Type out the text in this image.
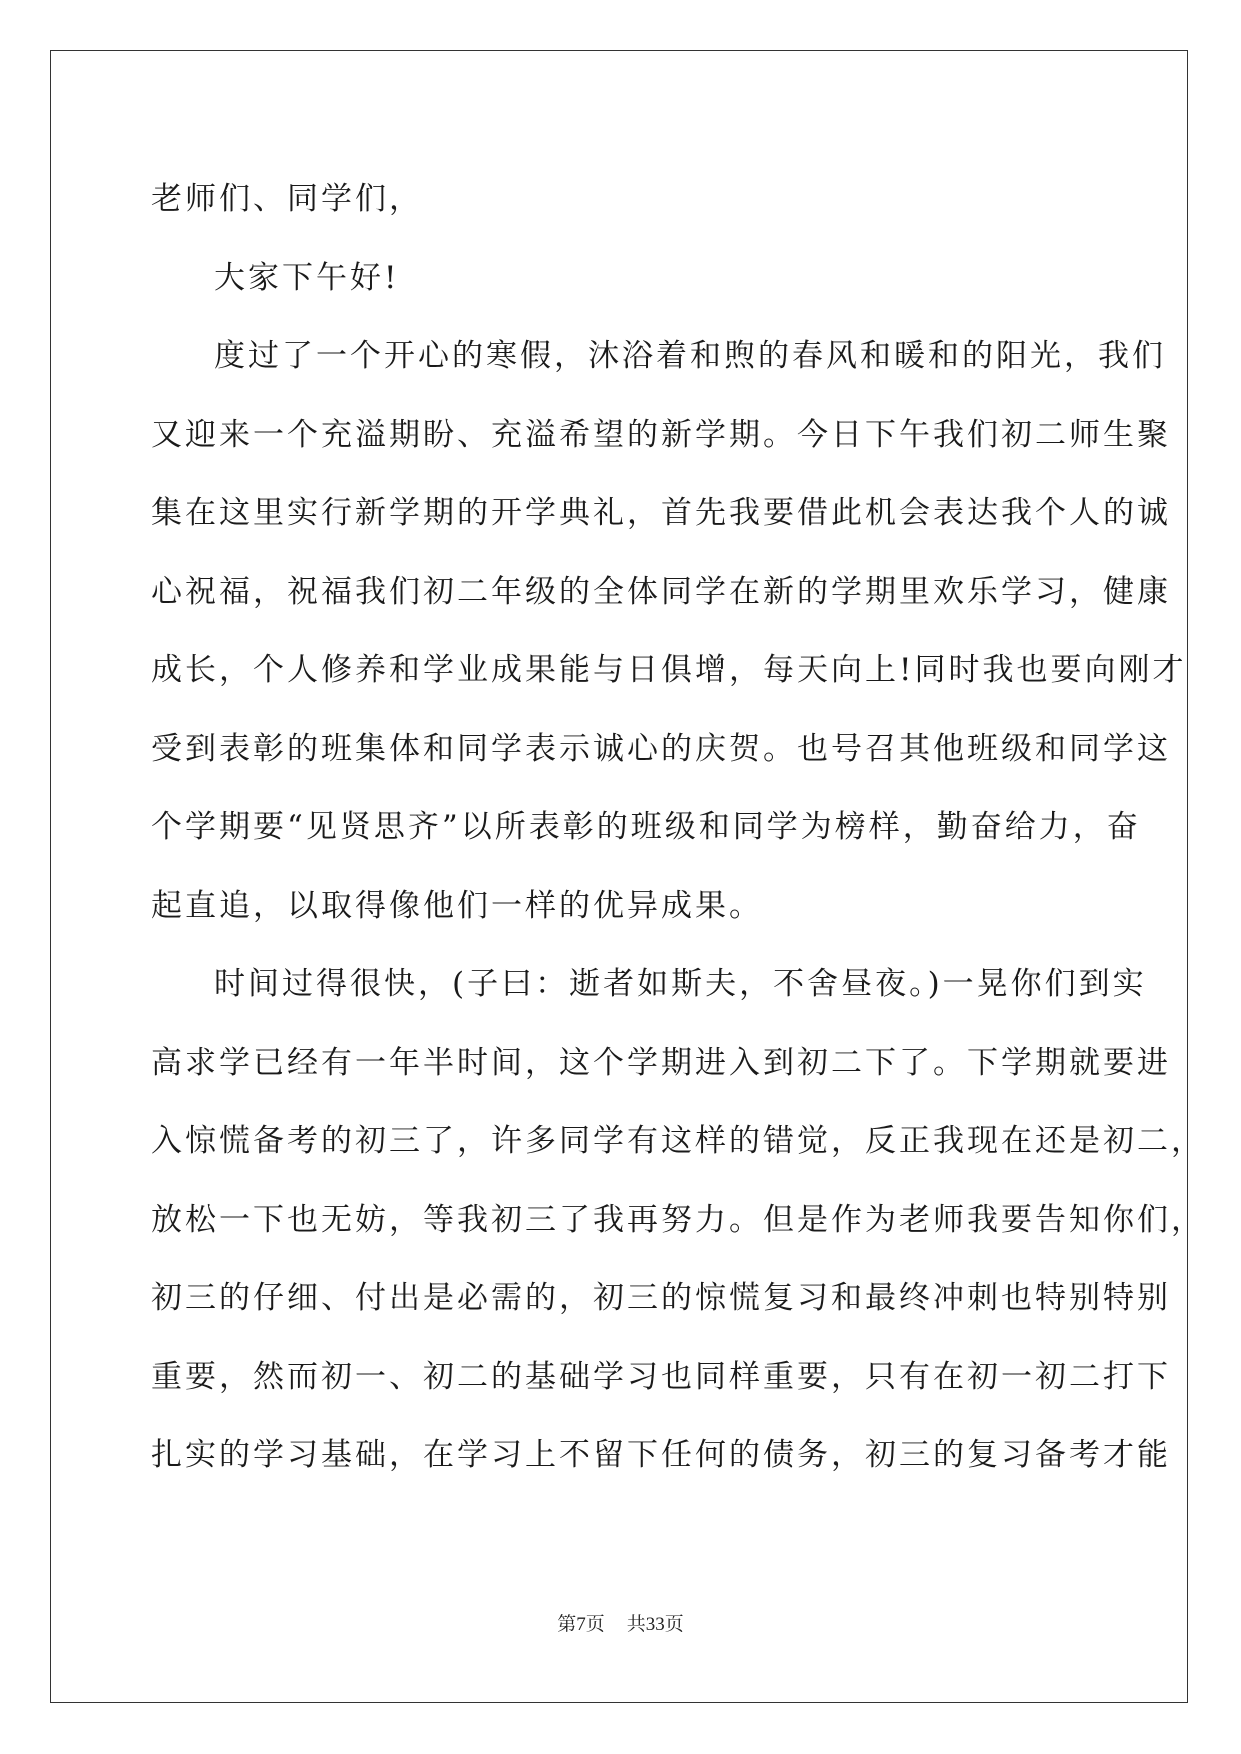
老师们、同学们，
大家下午好!
度过了一个开心的寒假，沐浴着和煦的春风和暖和的阳光，我们
又迎来一个充溢期盼、充溢希望的新学期。今日下午我们初二师生聚
集在这里实行新学期的开学典礼，首先我要借此机会表达我个人的诚
心祝福，祝福我们初二年级的全体同学在新的学期里欢乐学习，健康
成长，个人修养和学业成果能与日俱增，每天向上!同时我也要向刚才
受到表彰的班集体和同学表示诚心的庆贺。也号召其他班级和同学这
个学期要“见贤思齐”以所表彰的班级和同学为榜样，勤奋给力，奋
起直追，以取得像他们一样的优异成果。
时间过得很快，(子曰：逝者如斯夫，不舍昼夜。)一晃你们到实
高求学已经有一年半时间，这个学期进入到初二下了。下学期就要进
入惊慌备考的初三了，许多同学有这样的错觉，反正我现在还是初二，
放松一下也无妨，等我初三了我再努力。但是作为老师我要告知你们，
初三的仔细、付出是必需的，初三的惊慌复习和最终冲刺也特别特别
重要，然而初一、初二的基础学习也同样重要，只有在初一初二打下
扎实的学习基础，在学习上不留下任何的债务，初三的复习备考才能
第7页 共33页
